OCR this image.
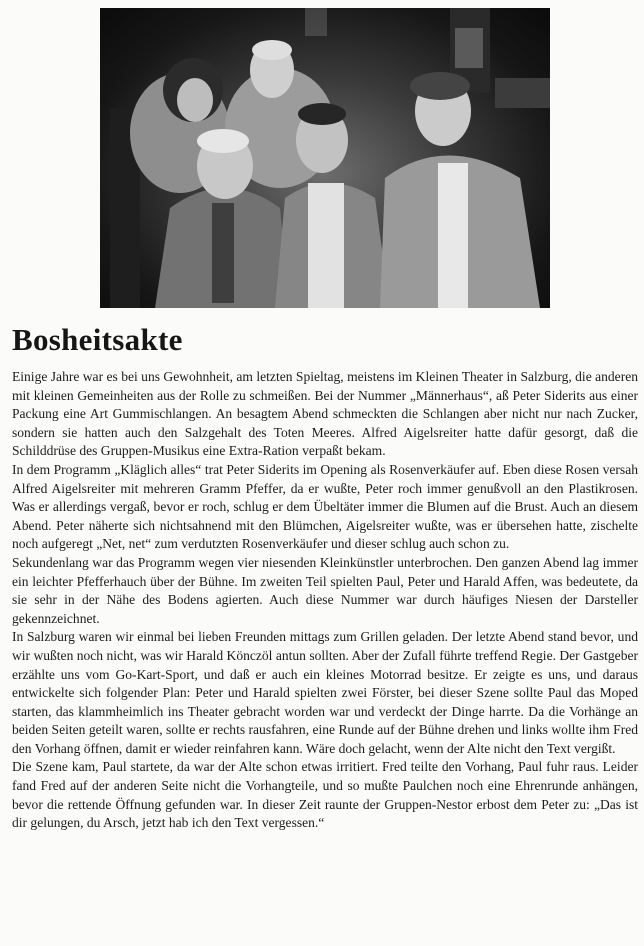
Bosheitsakte

Einige Jahre war es bei uns Gewohnheit, am letzten Spieltag, meistens im Kleinen Theater in Salzburg, die anderen mit kleinen Gemeinheiten aus der Rolle zu schmeißen. Bei der Nummer „Männerhaus“, aß Peter Siderits aus einer Packung eine Art Gummischlangen. An besagtem Abend schmeckten die Schlangen aber nicht nur nach Zucker, sondern sie hatten auch den Salzgehalt des Toten Meeres. Alfred Aigelsreiter hatte dafür gesorgt, daß die Schilddrüse des Gruppen-Musikus eine Extra-Ration verpaßt bekam.

In dem Programm „Kläglich alles“ trat Peter Siderits im Opening als Rosenverkäufer auf. Eben diese Rosen versah Alfred Aigelsreiter mit mehreren Gramm Pfeffer, da er wußte, Peter roch immer genußvoll an den Plastikrosen. Was er allerdings vergaß, bevor er roch, schlug er dem Übeltäter immer die Blumen auf die Brust. Auch an diesem Abend. Peter näherte sich nichtsahnend mit den Blümchen, Aigelsreiter wußte, was er übersehen hatte, zischelte noch aufgeregt „Net, net“ zum verdutzten Rosenverkäufer und dieser schlug auch schon zu.

Sekundenlang war das Programm wegen vier niesenden Kleinkünstler unterbrochen. Den ganzen Abend lag immer ein leichter Pfefferhauch über der Bühne. Im zweiten Teil spielten Paul, Peter und Harald Affen, was bedeutete, da sie sehr in der Nähe des Bodens agierten. Auch diese Nummer war durch häufiges Niesen der Darsteller gekennzeichnet.

In Salzburg waren wir einmal bei lieben Freunden mittags zum Grillen geladen. Der letzte Abend stand bevor, und wir wußten noch nicht, was wir Harald Könczöl antun sollten. Aber der Zufall führte treffend Regie. Der Gastgeber erzählte uns vom Go-Kart-Sport, und daß er auch ein kleines Motorrad besitze. Er zeigte es uns, und daraus entwickelte sich folgender Plan: Peter und Harald spielten zwei Förster, bei dieser Szene sollte Paul das Moped starten, das klammheimlich ins Theater gebracht worden war und verdeckt der Dinge harrte. Da die Vorhänge an beiden Seiten geteilt waren, sollte er rechts rausfahren, eine Runde auf der Bühne drehen und links wollte ihm Fred den Vorhang öffnen, damit er wieder reinfahren kann. Wäre doch gelacht, wenn der Alte nicht den Text vergißt.

Die Szene kam, Paul startete, da war der Alte schon etwas irritiert. Fred teilte den Vorhang, Paul fuhr raus. Leider fand Fred auf der anderen Seite nicht die Vorhangteile, und so mußte Paulchen noch eine Ehrenrunde anhängen, bevor die rettende Öffnung gefunden war. In dieser Zeit raunte der Gruppen-Nestor erbost dem Peter zu: „Das ist dir gelungen, du Arsch, jetzt hab ich den Text vergessen.“
